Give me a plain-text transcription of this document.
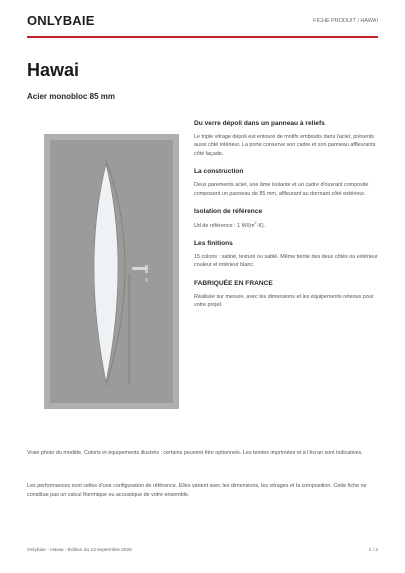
ONLYBAIE	FICHE PRODUIT / HAWAI
Hawai
Acier monobloc 85 mm
Du verre dépoli dans un panneau à reliefs

Le triple vitrage dépoli est entouré de motifs emboutis dans l'acier, présents aussi côté intérieur. La porte conserve son cadre et son panneau affleurants côté façade.

La construction

Deux parements acier, une âme isolante et un cadre d'ouvrant composite composent un panneau de 85 mm, affleurant au dormant côté extérieur.

Isolation de référence

Ud de référence : 1 $W/(m^2\cdot K)$.

Les finitions

15 coloris : satiné, texturé ou sablé. Même teinte des deux côtés ou extérieur couleur et intérieur blanc.

FABRIQUÉE EN FRANCE

Réalisée sur mesure, avec les dimensions et les équipements retenus pour votre projet.

Vraie photo du modèle. Coloris et équipements illustrés : certains peuvent être optionnels. Les teintes imprimées et à l'écran sont indicatives.

Les performances sont celles d'une configuration de référence. Elles varient avec les dimensions, les vitrages et la composition. Cette fiche ne constitue pas un calcul thermique ou acoustique de votre ensemble.

Onlybaie - Hawai - Édition du 13 septembre 2026	1 / 2
